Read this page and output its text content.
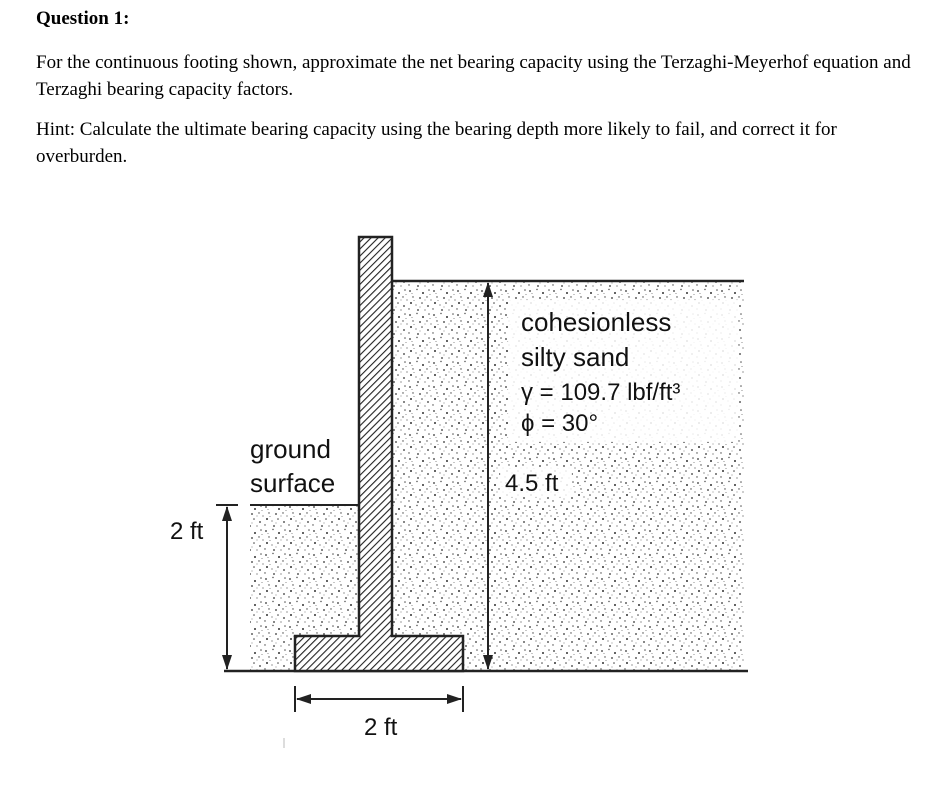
Question 1:
For the continuous footing shown, approximate the net bearing capacity using the Terzaghi-Meyerhof equation and Terzaghi bearing capacity factors.
Hint: Calculate the ultimate bearing capacity using the bearing depth more likely to fail, and correct it for overburden.
cohesionless
silty sand
γ = 109.7 lbf/ft³
ϕ = 30°
ground
surface
2 ft
4.5 ft
2 ft
